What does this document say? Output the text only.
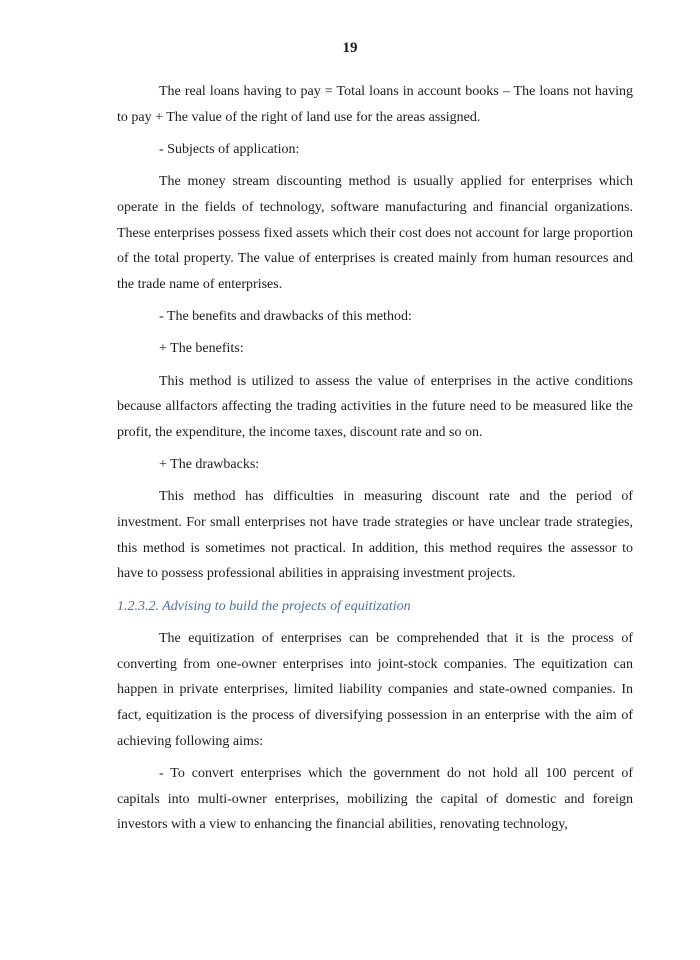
19

The real loans having to pay = Total loans in account books – The loans not having to pay + The value of the right of land use for the areas assigned.

- Subjects of application:

The money stream discounting method is usually applied for enterprises which operate in the fields of technology, software manufacturing and financial organizations. These enterprises possess fixed assets which their cost does not account for large proportion of the total property. The value of enterprises is created mainly from human resources and the trade name of enterprises.

- The benefits and drawbacks of this method:

+ The benefits:

This method is utilized to assess the value of enterprises in the active conditions because allfactors affecting the trading activities in the future need to be measured like the profit, the expenditure, the income taxes, discount rate and so on.

+ The drawbacks:

This method has difficulties in measuring discount rate and the period of investment. For small enterprises not have trade strategies or have unclear trade strategies, this method is sometimes not practical. In addition, this method requires the assessor to have to possess professional abilities in appraising investment projects.

1.2.3.2. Advising to build the projects of equitization

The equitization of enterprises can be comprehended that it is the process of converting from one-owner enterprises into joint-stock companies. The equitization can happen in private enterprises, limited liability companies and state-owned companies. In fact, equitization is the process of diversifying possession in an enterprise with the aim of achieving following aims:

- To convert enterprises which the government do not hold all 100 percent of capitals into multi-owner enterprises, mobilizing the capital of domestic and foreign investors with a view to enhancing the financial abilities, renovating technology,
